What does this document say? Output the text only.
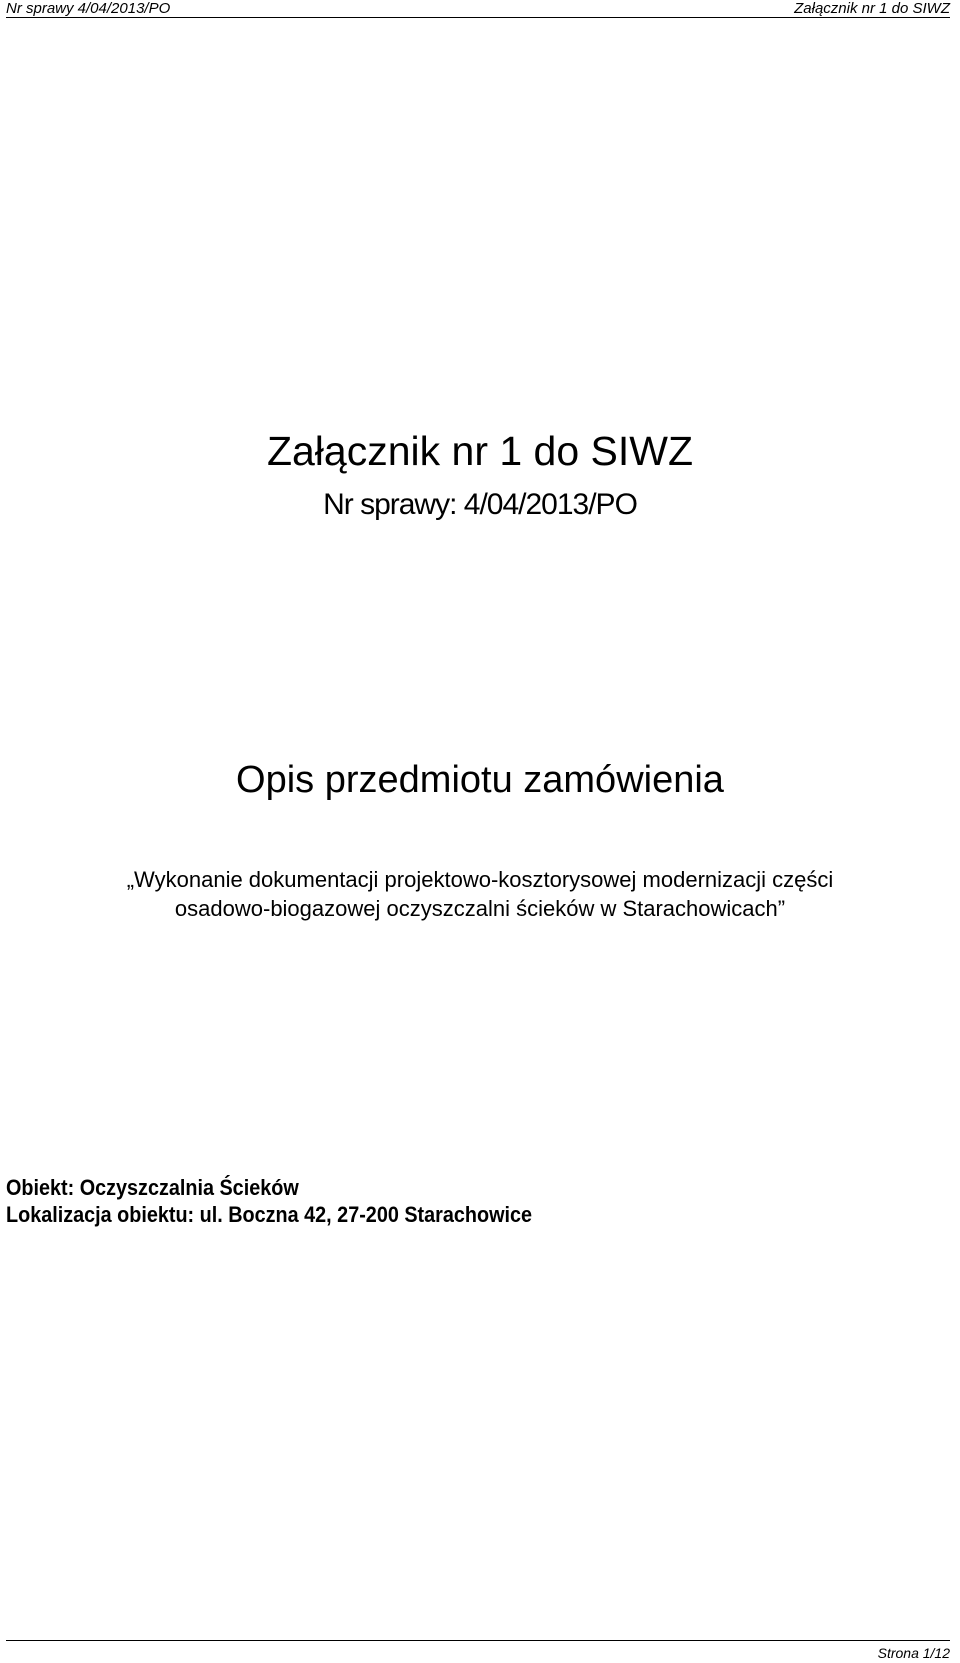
Nr sprawy 4/04/2013/PO	Załącznik nr 1 do SIWZ
Załącznik nr 1 do SIWZ
Nr sprawy: 4/04/2013/PO
Opis przedmiotu zamówienia
„Wykonanie dokumentacji projektowo-kosztorysowej modernizacji części
osadowo-biogazowej oczyszczalni ścieków w Starachowicach”
Obiekt: Oczyszczalnia Ścieków
Lokalizacja obiektu: ul. Boczna 42, 27-200 Starachowice
Strona 1/12
